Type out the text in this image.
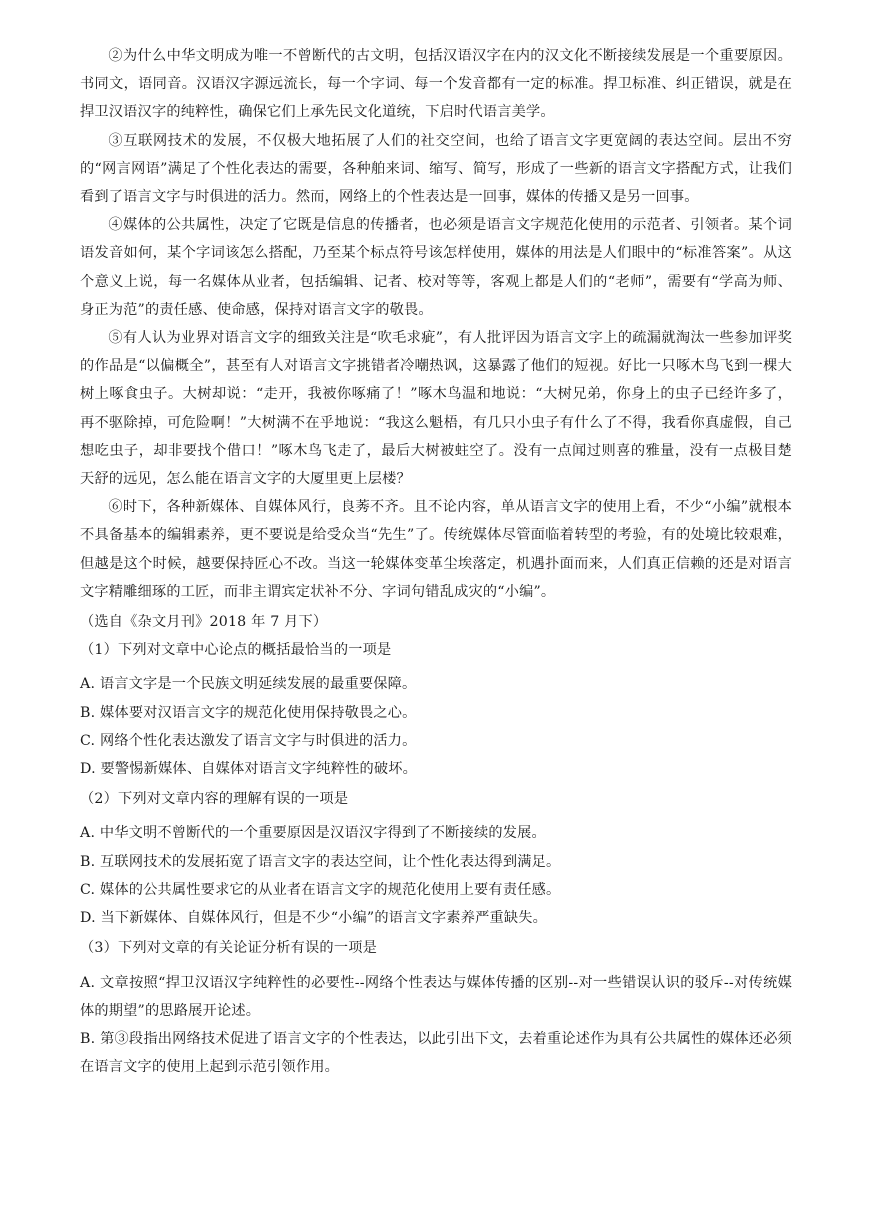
②为什么中华文明成为唯一不曾断代的古文明，包括汉语汉字在内的汉文化不断接续发展是一个重要原因。书同文，语同音。汉语汉字源远流长，每一个字词、每一个发音都有一定的标准。捍卫标准、纠正错误，就是在捍卫汉语汉字的纯粹性，确保它们上承先民文化道统，下启时代语言美学。

③互联网技术的发展，不仅极大地拓展了人们的社交空间，也给了语言文字更宽阔的表达空间。层出不穷的“网言网语”满足了个性化表达的需要，各种舶来词、缩写、简写，形成了一些新的语言文字搭配方式，让我们看到了语言文字与时俱进的活力。然而，网络上的个性表达是一回事，媒体的传播又是另一回事。

④媒体的公共属性，决定了它既是信息的传播者，也必须是语言文字规范化使用的示范者、引领者。某个词语发音如何，某个字词该怎么搭配，乃至某个标点符号该怎样使用，媒体的用法是人们眼中的“标准答案”。从这个意义上说，每一名媒体从业者，包括编辑、记者、校对等等，客观上都是人们的“老师”，需要有“学高为师、身正为范”的责任感、使命感，保持对语言文字的敬畏。

⑤有人认为业界对语言文字的细致关注是“吹毛求疵”，有人批评因为语言文字上的疏漏就淘汰一些参加评奖的作品是“以偏概全”，甚至有人对语言文字挑错者冷嘲热讽，这暴露了他们的短视。好比一只啄木鸟飞到一棵大树上啄食虫子。大树却说：“走开，我被你啄痛了！”啄木鸟温和地说：“大树兄弟，你身上的虫子已经许多了，再不驱除掉，可危险啊！”大树满不在乎地说：“我这么魁梧，有几只小虫子有什么了不得，我看你真虚假，自己想吃虫子，却非要找个借口！”啄木鸟飞走了，最后大树被蛀空了。没有一点闻过则喜的雅量，没有一点极目楚天舒的远见，怎么能在语言文字的大厦里更上层楼？

⑥时下，各种新媒体、自媒体风行，良莠不齐。且不论内容，单从语言文字的使用上看，不少“小编”就根本不具备基本的编辑素养，更不要说是给受众当“先生”了。传统媒体尽管面临着转型的考验，有的处境比较艰难，但越是这个时候，越要保持匠心不改。当这一轮媒体变革尘埃落定，机遇扑面而来，人们真正信赖的还是对语言文字精雕细琢的工匠，而非主谓宾定状补不分、字词句错乱成灾的“小编”。

（选自《杂文月刊》2018 年 7 月下）

（1）下列对文章中心论点的概括最恰当的一项是

A. 语言文字是一个民族文明延续发展的最重要保障。

B. 媒体要对汉语言文字的规范化使用保持敬畏之心。

C. 网络个性化表达激发了语言文字与时俱进的活力。

D. 要警惕新媒体、自媒体对语言文字纯粹性的破坏。

（2）下列对文章内容的理解有误的一项是

A. 中华文明不曾断代的一个重要原因是汉语汉字得到了不断接续的发展。

B. 互联网技术的发展拓宽了语言文字的表达空间，让个性化表达得到满足。

C. 媒体的公共属性要求它的从业者在语言文字的规范化使用上要有责任感。

D. 当下新媒体、自媒体风行，但是不少“小编”的语言文字素养严重缺失。

（3）下列对文章的有关论证分析有误的一项是

A. 文章按照“捍卫汉语汉字纯粹性的必要性--网络个性表达与媒体传播的区别--对一些错误认识的驳斥--对传统媒体的期望”的思路展开论述。

B. 第③段指出网络技术促进了语言文字的个性表达，以此引出下文，去着重论述作为具有公共属性的媒体还必须在语言文字的使用上起到示范引领作用。
